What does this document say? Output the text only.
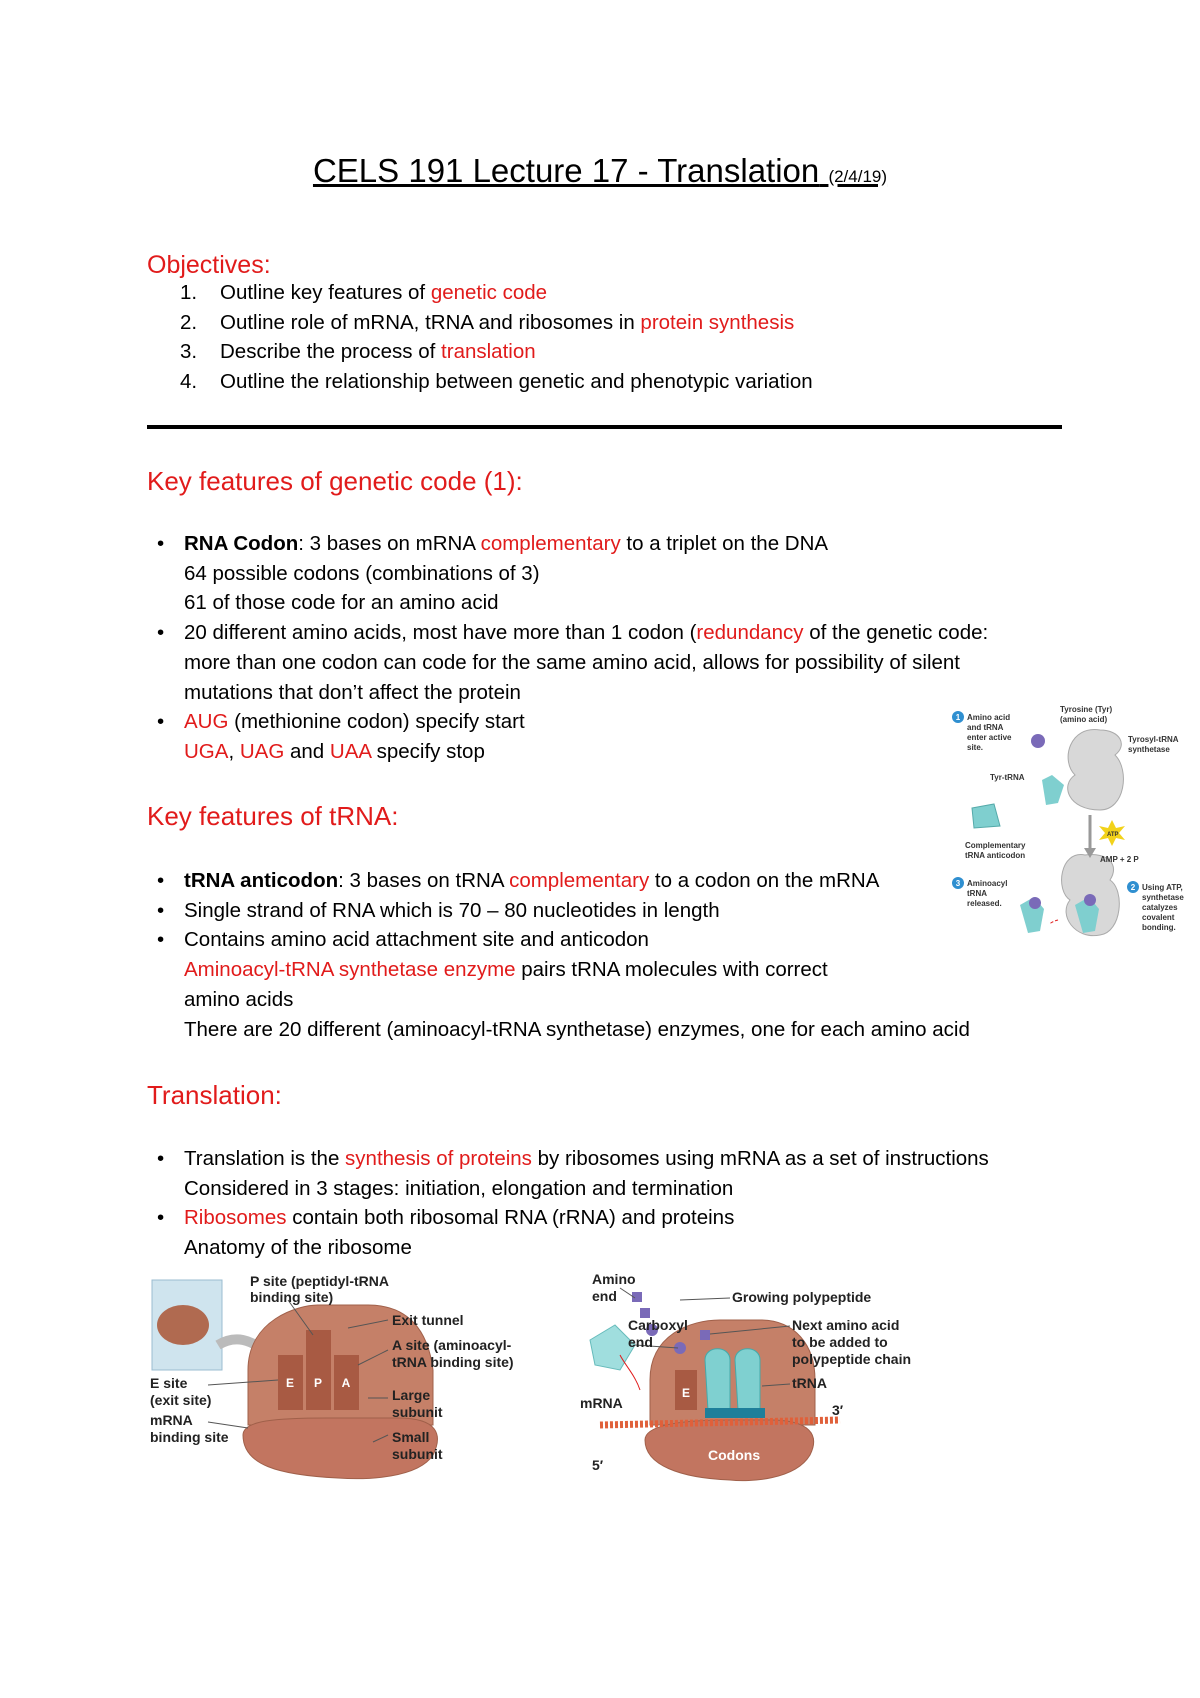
CELS 191 Lecture 17 - Translation (2/4/19)
Objectives:
1. Outline key features of genetic code
2. Outline role of mRNA, tRNA and ribosomes in protein synthesis
3. Describe the process of translation
4. Outline the relationship between genetic and phenotypic variation
Key features of genetic code (1):
• RNA Codon: 3 bases on mRNA complementary to a triplet on the DNA
64 possible codons (combinations of 3)
61 of those code for an amino acid
• 20 different amino acids, most have more than 1 codon (redundancy of the genetic code:
more than one codon can code for the same amino acid, allows for possibility of silent
mutations that don’t affect the protein
• AUG (methionine codon) specify start
UGA, UAG and UAA specify stop
Key features of tRNA:
• tRNA anticodon: 3 bases on tRNA complementary to a codon on the mRNA
• Single strand of RNA which is 70 – 80 nucleotides in length
• Contains amino acid attachment site and anticodon
Aminoacyl-tRNA synthetase enzyme pairs tRNA molecules with correct
amino acids
There are 20 different (aminoacyl-tRNA synthetase) enzymes, one for each amino acid
Translation:
• Translation is the synthesis of proteins by ribosomes using mRNA as a set of instructions
Considered in 3 stages: initiation, elongation and termination
• Ribosomes contain both ribosomal RNA (rRNA) and proteins
Anatomy of the ribosome
1
3	2
Amino acid
and tRNA
enter active
site.
Tyrosine (Tyr)
(amino acid)
Tyrosyl-tRNA
synthetase
Tyr-tRNA
ATP
AMP + 2 P
Complementary
tRNA anticodon
Aminoacyl
tRNA
released.
Using ATP,
synthetase
catalyzes
covalent
bonding.
E P A
P site (peptidyl-tRNA
binding site)
Exit tunnel
A site (aminoacyl-
tRNA binding site)
E site
(exit site)	Large
subunit
mRNA
binding site	Small
subunit
E
Amino
end	Growing polypeptide
Carboxyl
end
Next amino acid
to be added to
polypeptide chain
tRNA
mRNA	3′
5′
Codons
